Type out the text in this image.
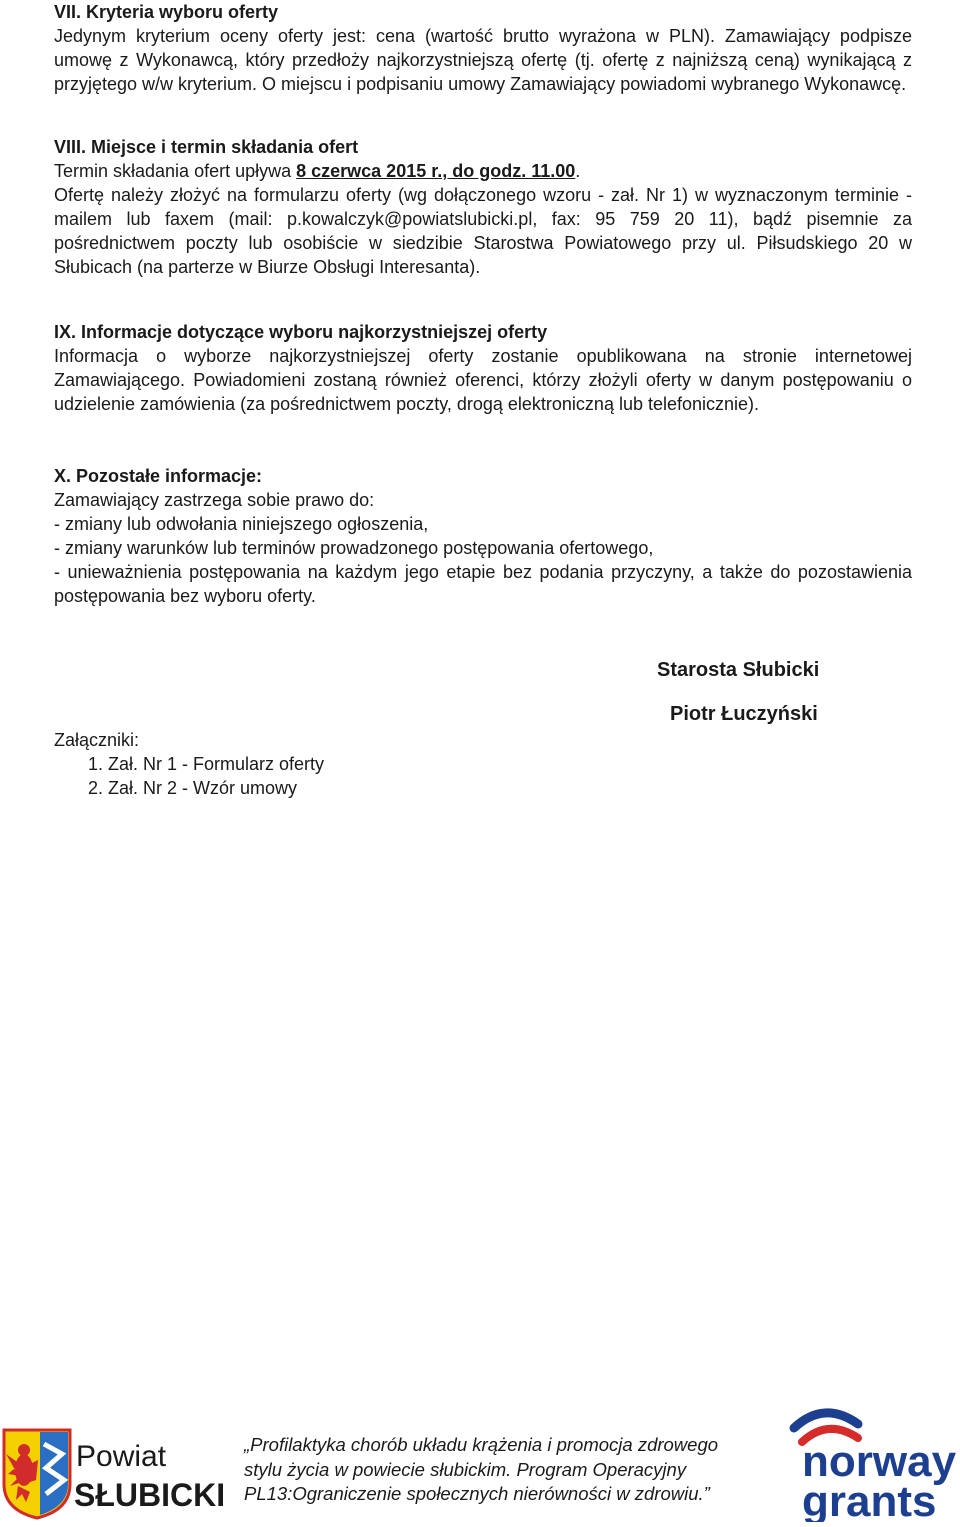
VII. Kryteria wyboru oferty

Jedynym kryterium oceny oferty jest: cena (wartość brutto wyrażona w PLN). Zamawiający podpisze umowę z Wykonawcą, który przedłoży najkorzystniejszą ofertę (tj. ofertę z najniższą ceną) wynikającą z przyjętego w/w kryterium. O miejscu i podpisaniu umowy Zamawiający powiadomi wybranego Wykonawcę.

VIII. Miejsce i termin składania ofert

Termin składania ofert upływa 8 czerwca 2015 r., do godz. 11.00.

Ofertę należy złożyć na formularzu oferty (wg dołączonego wzoru - zał. Nr 1) w wyznaczonym terminie - mailem lub faxem (mail: p.kowalczyk@powiatslubicki.pl, fax: 95 759 20 11), bądź pisemnie za pośrednictwem poczty lub osobiście w siedzibie Starostwa Powiatowego przy ul. Piłsudskiego 20 w Słubicach (na parterze w Biurze Obsługi Interesanta).

IX. Informacje dotyczące wyboru najkorzystniejszej oferty

Informacja o wyborze najkorzystniejszej oferty zostanie opublikowana na stronie internetowej Zamawiającego. Powiadomieni zostaną również oferenci, którzy złożyli oferty w danym postępowaniu o udzielenie zamówienia (za pośrednictwem poczty, drogą elektroniczną lub telefonicznie).

X. Pozostałe informacje:

Zamawiający zastrzega sobie prawo do:

- zmiany lub odwołania niniejszego ogłoszenia,

- zmiany warunków lub terminów prowadzonego postępowania ofertowego,

- unieważnienia postępowania na każdym jego etapie bez podania przyczyny, a także do pozostawienia postępowania bez wyboru oferty.

Załączniki:

1. Zał. Nr 1 - Formularz oferty

2. Zał. Nr 2 - Wzór umowy

Starosta Słubicki
Piotr Łuczyński
Powiat
SŁUBICKI
„Profilaktyka chorób układu krążenia i promocja zdrowego
stylu życia w powiecie słubickim. Program Operacyjny
PL13:Ograniczenie społecznych nierówności w zdrowiu.”
norway
grants
